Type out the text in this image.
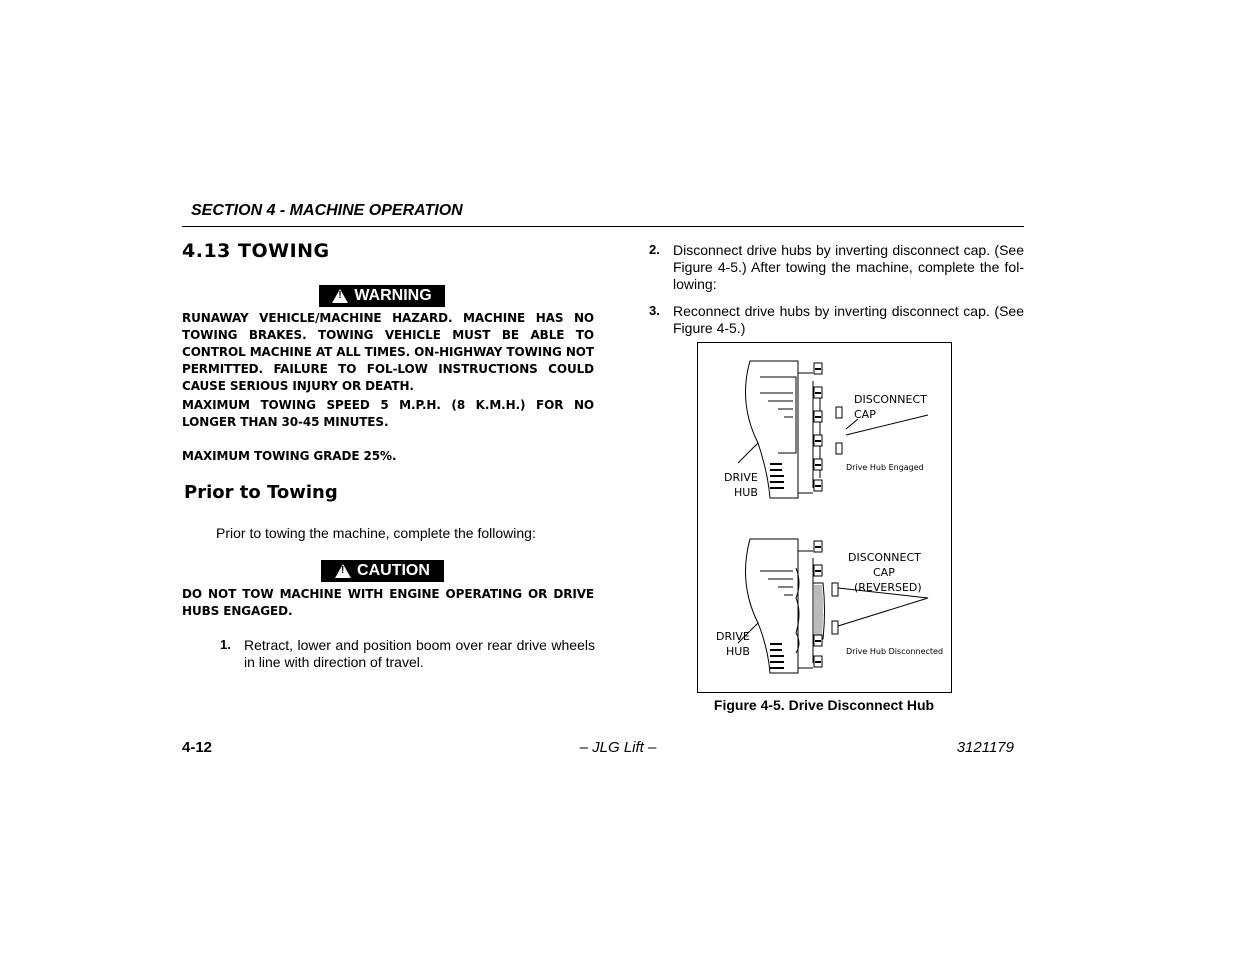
SECTION 4 - MACHINE OPERATION
4.13 TOWING
!
WARNING
RUNAWAY VEHICLE/MACHINE HAZARD. MACHINE HAS NO TOWING BRAKES. TOWING VEHICLE MUST BE ABLE TO CONTROL MACHINE AT ALL TIMES. ON-HIGHWAY TOWING NOT PERMITTED. FAILURE TO FOL-LOW INSTRUCTIONS COULD CAUSE SERIOUS INJURY OR DEATH.
MAXIMUM TOWING SPEED 5 M.P.H. (8 K.M.H.) FOR NO LONGER THAN 30-45 MINUTES.
MAXIMUM TOWING GRADE 25%.
Prior to Towing
Prior to towing the machine, complete the following:
!
CAUTION
DO NOT TOW MACHINE WITH ENGINE OPERATING OR DRIVE HUBS ENGAGED.
1. Retract, lower and position boom over rear drive wheels in line with direction of travel.
2. Disconnect drive hubs by inverting disconnect cap. (See Figure 4-5.) After towing the machine, complete the fol-lowing:
3. Reconnect drive hubs by inverting disconnect cap. (See Figure 4-5.)
DISCONNECT
CAP
DRIVE
HUB
Drive Hub Engaged
DISCONNECT
CAP
(REVERSED)
DRIVE
HUB	Drive Hub Disconnected
Figure 4-5. Drive Disconnect Hub
4-12	– JLG Lift –	3121179
